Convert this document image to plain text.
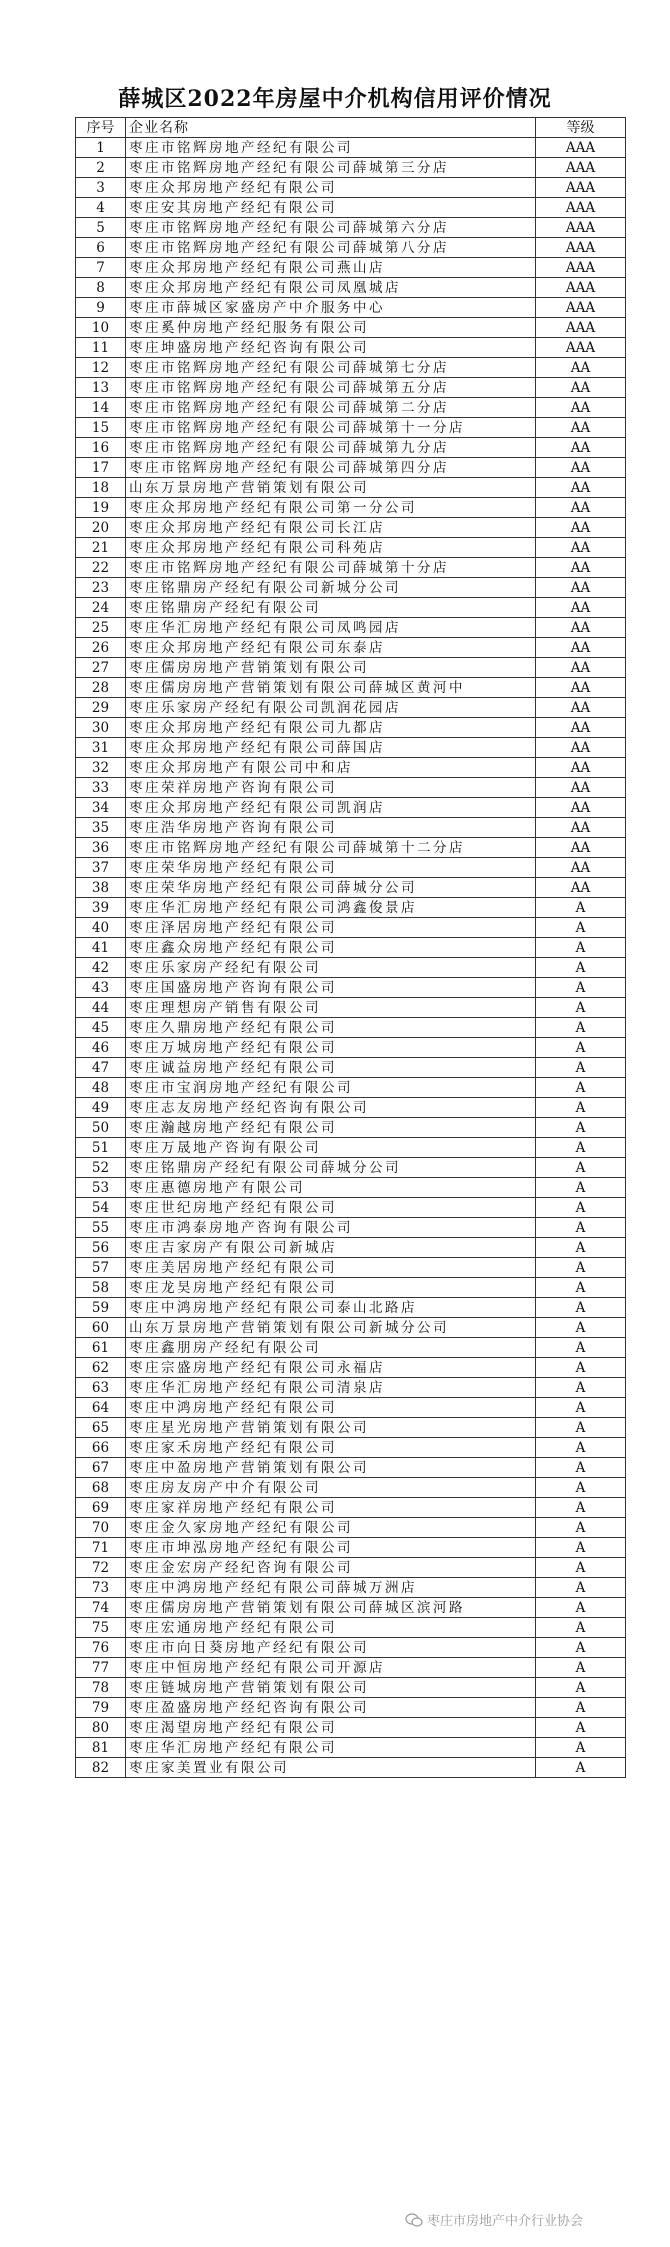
薛城区2022年房屋中介机构信用评价情况
序号	企业名称	等级
1	枣庄市铭辉房地产经纪有限公司	AAA
2	枣庄市铭辉房地产经纪有限公司薛城第三分店	AAA
3	枣庄众邦房地产经纪有限公司	AAA
4	枣庄安其房地产经纪有限公司	AAA
5	枣庄市铭辉房地产经纪有限公司薛城第六分店	AAA
6	枣庄市铭辉房地产经纪有限公司薛城第八分店	AAA
7	枣庄众邦房地产经纪有限公司燕山店	AAA
8	枣庄众邦房地产经纪有限公司凤凰城店	AAA
9	枣庄市薛城区家盛房产中介服务中心	AAA
10	枣庄奚仲房地产经纪服务有限公司	AAA
11	枣庄坤盛房地产经纪咨询有限公司	AAA
12	枣庄市铭辉房地产经纪有限公司薛城第七分店	AA
13	枣庄市铭辉房地产经纪有限公司薛城第五分店	AA
14	枣庄市铭辉房地产经纪有限公司薛城第二分店	AA
15	枣庄市铭辉房地产经纪有限公司薛城第十一分店	AA
16	枣庄市铭辉房地产经纪有限公司薛城第九分店	AA
17	枣庄市铭辉房地产经纪有限公司薛城第四分店	AA
18	山东万景房地产营销策划有限公司	AA
19	枣庄众邦房地产经纪有限公司第一分公司	AA
20	枣庄众邦房地产经纪有限公司长江店	AA
21	枣庄众邦房地产经纪有限公司科苑店	AA
22	枣庄市铭辉房地产经纪有限公司薛城第十分店	AA
23	枣庄铭鼎房产经纪有限公司新城分公司	AA
24	枣庄铭鼎房产经纪有限公司	AA
25	枣庄华汇房地产经纪有限公司凤鸣园店	AA
26	枣庄众邦房地产经纪有限公司东泰店	AA
27	枣庄儒房房地产营销策划有限公司	AA
28	枣庄儒房房地产营销策划有限公司薛城区黄河中	AA
29	枣庄乐家房产经纪有限公司凯润花园店	AA
30	枣庄众邦房地产经纪有限公司九都店	AA
31	枣庄众邦房地产经纪有限公司薛国店	AA
32	枣庄众邦房地产有限公司中和店	AA
33	枣庄荣祥房地产咨询有限公司	AA
34	枣庄众邦房地产经纪有限公司凯润店	AA
35	枣庄浩华房地产咨询有限公司	AA
36	枣庄市铭辉房地产经纪有限公司薛城第十二分店	AA
37	枣庄荣华房地产经纪有限公司	AA
38	枣庄荣华房地产经纪有限公司薛城分公司	AA
39	枣庄华汇房地产经纪有限公司鸿鑫俊景店	A
40	枣庄泽居房地产经纪有限公司	A
41	枣庄鑫众房地产经纪有限公司	A
42	枣庄乐家房产经纪有限公司	A
43	枣庄国盛房地产咨询有限公司	A
44	枣庄理想房产销售有限公司	A
45	枣庄久鼎房地产经纪有限公司	A
46	枣庄万城房地产经纪有限公司	A
47	枣庄诚益房地产经纪有限公司	A
48	枣庄市宝润房地产经纪有限公司	A
49	枣庄志友房地产经纪咨询有限公司	A
50	枣庄瀚越房地产经纪有限公司	A
51	枣庄万晟地产咨询有限公司	A
52	枣庄铭鼎房产经纪有限公司薛城分公司	A
53	枣庄惠德房地产有限公司	A
54	枣庄世纪房地产经纪有限公司	A
55	枣庄市鸿泰房地产咨询有限公司	A
56	枣庄吉家房产有限公司新城店	A
57	枣庄美居房地产经纪有限公司	A
58	枣庄龙昊房地产经纪有限公司	A
59	枣庄中鸿房地产经纪有限公司泰山北路店	A
60	山东万景房地产营销策划有限公司新城分公司	A
61	枣庄鑫朋房产经纪有限公司	A
62	枣庄宗盛房地产经纪有限公司永福店	A
63	枣庄华汇房地产经纪有限公司清泉店	A
64	枣庄中鸿房地产经纪有限公司	A
65	枣庄星光房地产营销策划有限公司	A
66	枣庄家禾房地产经纪有限公司	A
67	枣庄中盈房地产营销策划有限公司	A
68	枣庄房友房产中介有限公司	A
69	枣庄家祥房地产经纪有限公司	A
70	枣庄金久家房地产经纪有限公司	A
71	枣庄市坤泓房地产经纪有限公司	A
72	枣庄金宏房产经纪咨询有限公司	A
73	枣庄中鸿房地产经纪有限公司薛城万洲店	A
74	枣庄儒房房地产营销策划有限公司薛城区滨河路	A
75	枣庄宏通房地产经纪有限公司	A
76	枣庄市向日葵房地产经纪有限公司	A
77	枣庄中恒房地产经纪有限公司开源店	A
78	枣庄链城房地产营销策划有限公司	A
79	枣庄盈盛房地产经纪咨询有限公司	A
80	枣庄渴望房地产经纪有限公司	A
81	枣庄华汇房地产经纪有限公司	A
82	枣庄家美置业有限公司	A
枣庄市房地产中介行业协会
